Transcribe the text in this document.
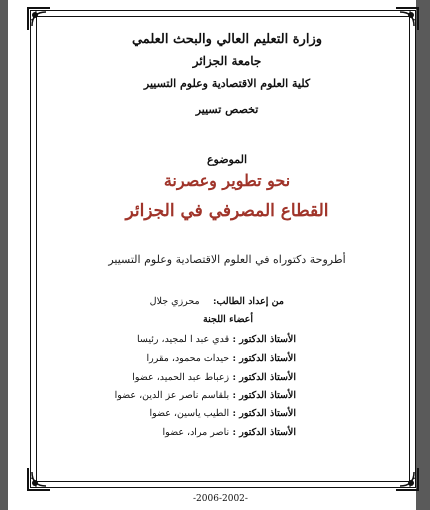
وزارة التعليم العالي والبحث العلمي
جامعة الجزائر
كلية العلوم الاقتصادية وعلوم التسيير
تخصص تسيير
الموضوع
نحو تطوير وعصرنة
القطاع المصرفي في الجزائر
أطروحة دكتوراه في العلوم الاقتصادية وعلوم التسيير
من إعداد الطالب: محرزي جلال
أعضاء اللجنة
الأستاذ الدكتور : قدي عبد ا لمجيد، رئيسا
الأستاذ الدكتور : حيدات محمود، مقررا
الأستاذ الدكتور : زعباط عبد الحميد، عضوا
الأستاذ الدكتور : بلقاسم ناصر عز الدين، عضوا
الأستاذ الدكتور : الطيب ياسين، عضوا
الأستاذ الدكتور : ناصر مراد، عضوا
-2006-2002-
